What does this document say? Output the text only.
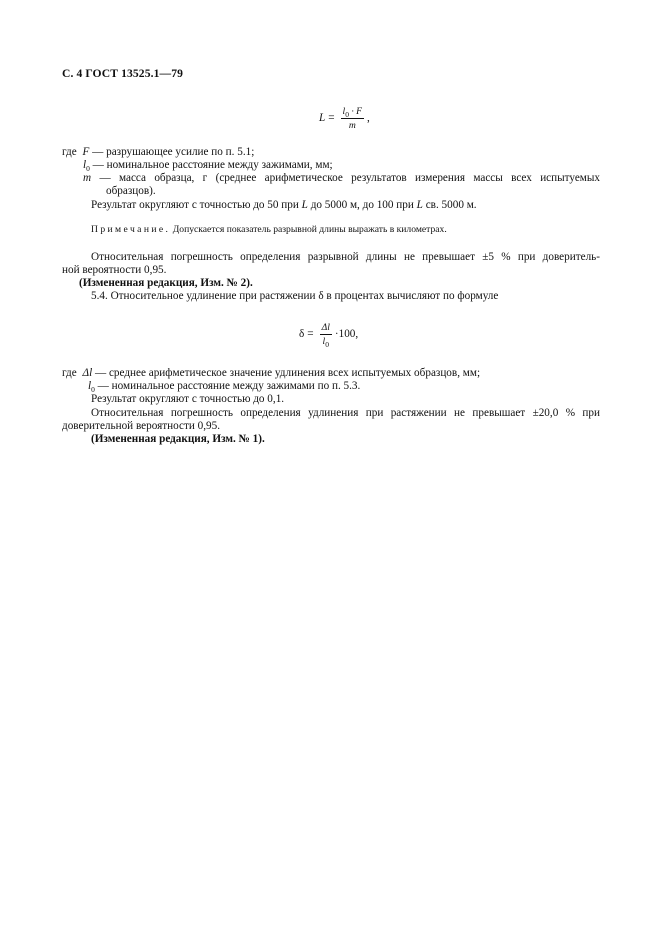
С. 4 ГОСТ 13525.1—79
$L = \frac{l_0 \cdot F}{m}$ ,
где F — разрушающее усилие по п. 5.1;
$l_0$ — номинальное расстояние между зажимами, мм;
m — масса образца, г (среднее арифметическое результатов измерения массы всех испытуемых
образцов).
Результат округляют с точностью до 50 при L до 5000 м, до 100 при L св. 5000 м.
Примечание. Допускается показатель разрывной длины выражать в километрах.
Относительная погрешность определения разрывной длины не превышает ±5 % при доверитель-
ной вероятности 0,95.
(Измененная редакция, Изм. № 2).
5.4. Относительное удлинение при растяжении δ в процентах вычисляют по формуле
$\delta = \frac{\Delta l}{l_0} \cdot 100$,
где Δl — среднее арифметическое значение удлинения всех испытуемых образцов, мм;
$l_0$ — номинальное расстояние между зажимами по п. 5.3.
Результат округляют с точностью до 0,1.
Относительная погрешность определения удлинения при растяжении не превышает ±20,0 % при
доверительной вероятности 0,95.
(Измененная редакция, Изм. № 1).
